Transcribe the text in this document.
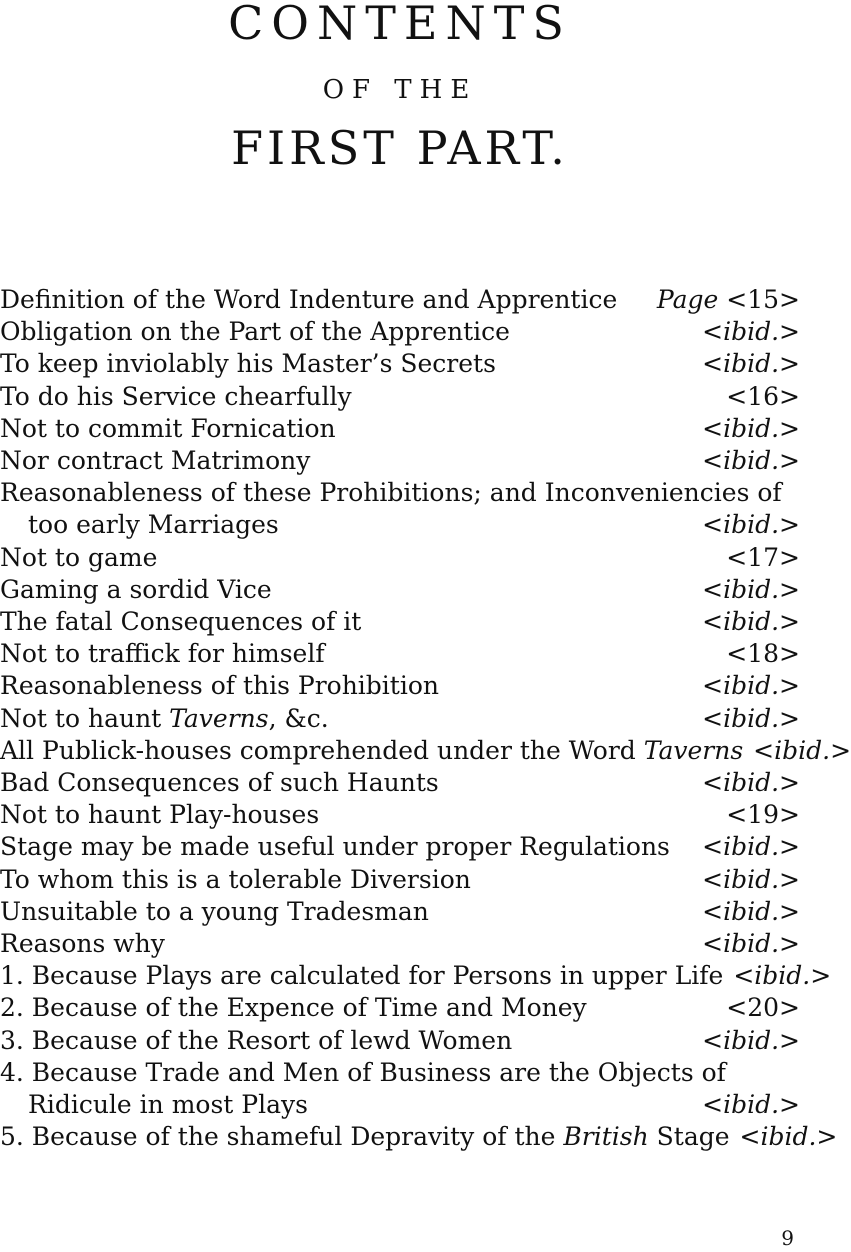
CONTENTS
OF THE
FIRST PART.
Definition of the Word Indenture and Apprentice	Page <15>
Obligation on the Part of the Apprentice	<ibid.>
To keep inviolably his Master’s Secrets	<ibid.>
To do his Service chearfully	<16>
Not to commit Fornication	<ibid.>
Nor contract Matrimony	<ibid.>
Reasonableness of these Prohibitions; and Inconveniencies of
too early Marriages	<ibid.>
Not to game	<17>
Gaming a sordid Vice	<ibid.>
The fatal Consequences of it	<ibid.>
Not to traffick for himself	<18>
Reasonableness of this Prohibition	<ibid.>
Not to haunt Taverns, &c.	<ibid.>
All Publick-houses comprehended under the Word Taverns <ibid.>
Bad Consequences of such Haunts	<ibid.>
Not to haunt Play-houses	<19>
Stage may be made useful under proper Regulations	<ibid.>
To whom this is a tolerable Diversion	<ibid.>
Unsuitable to a young Tradesman	<ibid.>
Reasons why	<ibid.>
1. Because Plays are calculated for Persons in upper Life <ibid.>
2. Because of the Expence of Time and Money	<20>
3. Because of the Resort of lewd Women	<ibid.>
4. Because Trade and Men of Business are the Objects of
Ridicule in most Plays	<ibid.>
5. Because of the shameful Depravity of the British Stage <ibid.>
9
